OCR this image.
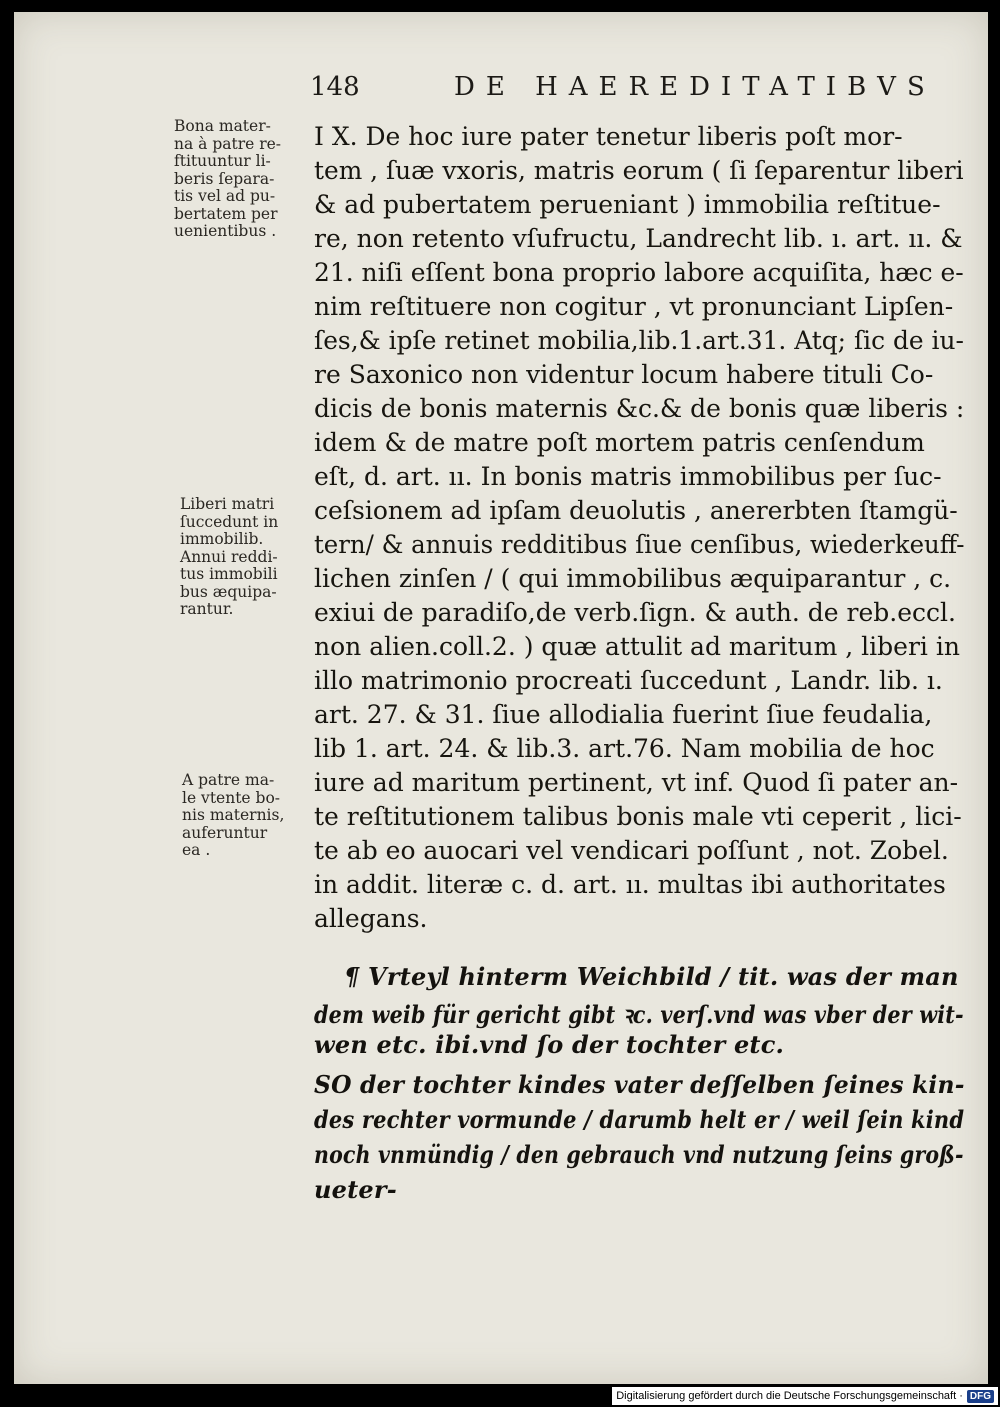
148	DE HAEREDITATIBVS
Bona mater-
na à patre re-
ftituuntur li-
beris ſepara-
tis vel ad pu-
bertatem per
uenientibus .
Liberi matri
ſuccedunt in
immobilib.
Annui reddi-
tus immobili
bus æquipa-
rantur.
A patre ma-
le vtente bo-
nis maternis,
auferuntur
ea .
I X. De hoc iure pater tenetur liberis poſt mor-
tem , ſuæ vxoris, matris eorum ( ſi ſeparentur liberi
& ad pubertatem perueniant ) immobilia reſtitue-
re, non retento vſufructu, Landrecht lib. ı. art. ıı. &
21. niſi eſſent bona proprio labore acquiſita, hæc e-
nim reſtituere non cogitur , vt pronunciant Lipſen-
ſes,& ipſe retinet mobilia,lib.1.art.31. Atq; ſic de iu-
re Saxonico non videntur locum habere tituli Co-
dicis de bonis maternis &c.& de bonis quæ liberis :
idem & de matre poſt mortem patris cenſendum
eſt, d. art. ıı. In bonis matris immobilibus per ſuc-
ceſsionem ad ipſam deuolutis , anererbten ſtamgü-
tern/ & annuis redditibus ſiue cenſibus, wiederkeuff-
lichen zinſen / ( qui immobilibus æquiparantur , c.
exiui de paradiſo,de verb.ſign. & auth. de reb.eccl.
non alien.coll.2. ) quæ attulit ad maritum , liberi in
illo matrimonio procreati ſuccedunt , Landr. lib. ı.
art. 27. & 31. ſiue allodialia fuerint ſiue feudalia,
lib 1. art. 24. & lib.3. art.76. Nam mobilia de hoc
iure ad maritum pertinent, vt inf. Quod ſi pater an-
te reſtitutionem talibus bonis male vti ceperit , lici-
te ab eo auocari vel vendicari poſſunt , not. Zobel.
in addit. literæ c. d. art. ıı. multas ibi authoritates
allegans.
¶ Vrteyl hinterm Weichbild / tit. was der man
dem weib für gericht gibt ꝛc. verſ.vnd was vber der wit-
wen etc. ibi.vnd ſo der tochter etc.
SO der tochter kindes vater deſſelben ſeines kin-
des rechter vormunde / darumb helt er / weil ſein kind
noch vnmündig / den gebrauch vnd nutzung ſeins groß-
ueter-
Digitalisierung gefördert durch die Deutsche Forschungsgemeinschaft · DFG
